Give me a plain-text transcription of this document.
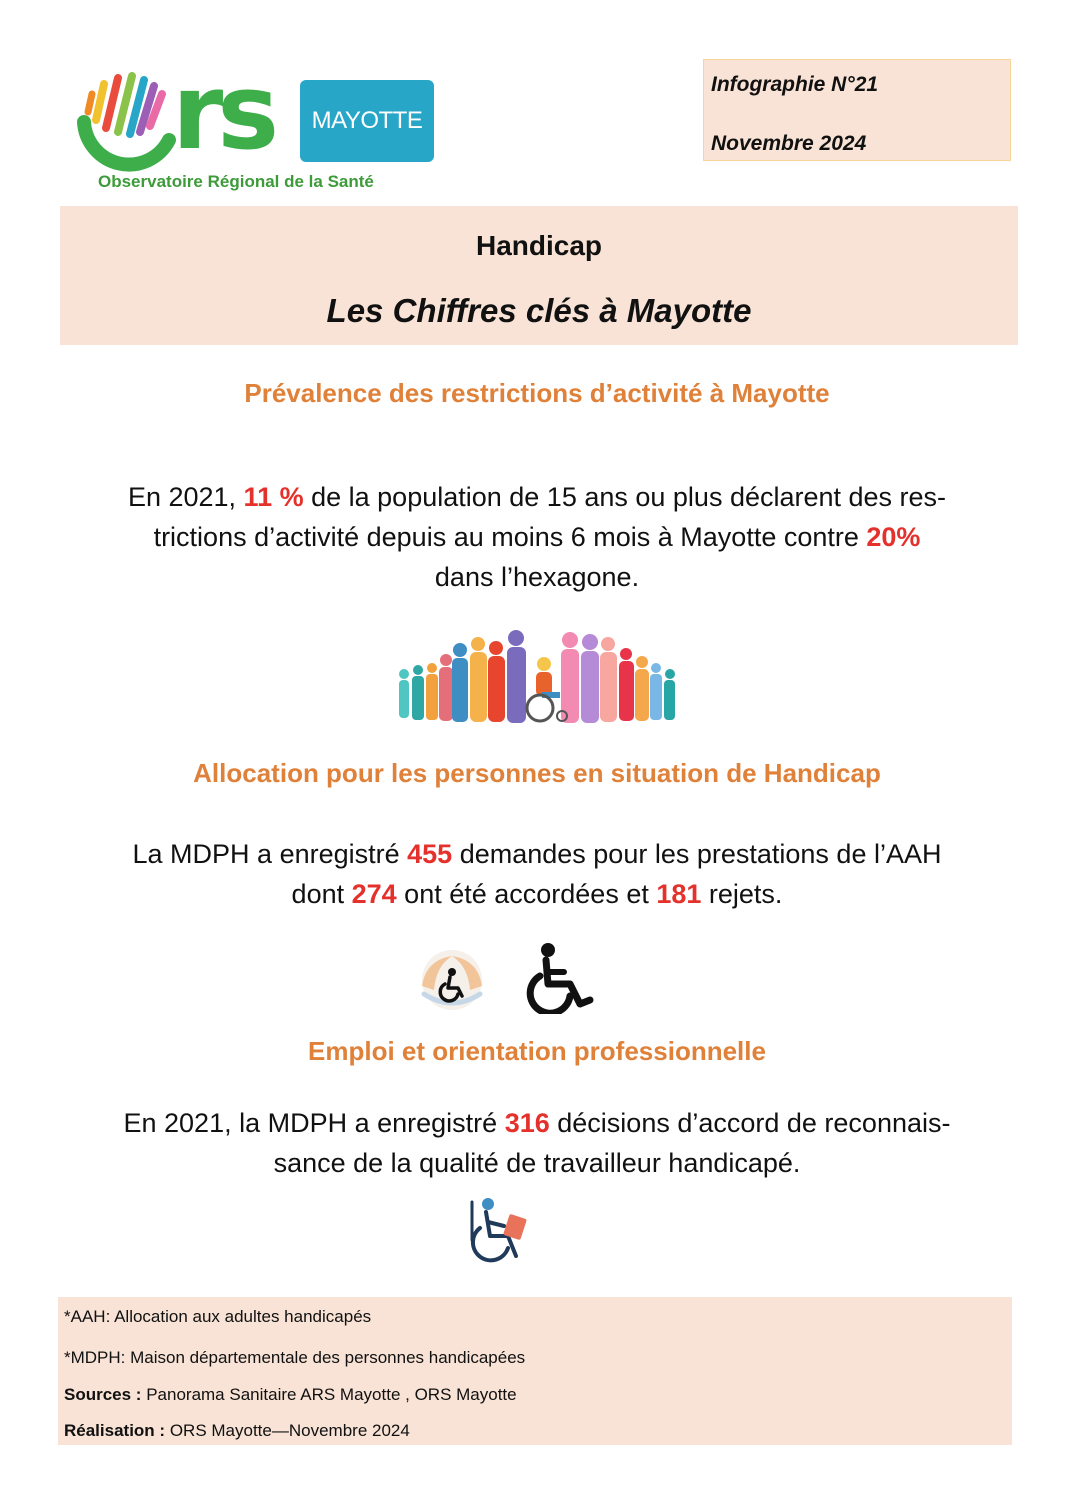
rs	MAYOTTE
Observatoire Régional de la Santé
Infographie N°21
Novembre 2024
Handicap
Les Chiffres clés à Mayotte
Prévalence des restrictions d’activité à Mayotte
En 2021, 11 % de la population de 15 ans ou plus déclarent des res-
trictions d’activité depuis au moins 6 mois à Mayotte contre 20%
dans l’hexagone.
Allocation pour les personnes en situation de Handicap
La MDPH a enregistré 455 demandes pour les prestations de l’AAH
dont 274 ont été accordées et 181 rejets.
Emploi et orientation professionnelle
En 2021, la MDPH a enregistré 316 décisions d’accord de reconnais-
sance de la qualité de travailleur handicapé.
*AAH: Allocation aux adultes handicapés
*MDPH: Maison départementale des personnes handicapées
Sources : Panorama Sanitaire ARS Mayotte , ORS Mayotte
Réalisation : ORS Mayotte—Novembre 2024
